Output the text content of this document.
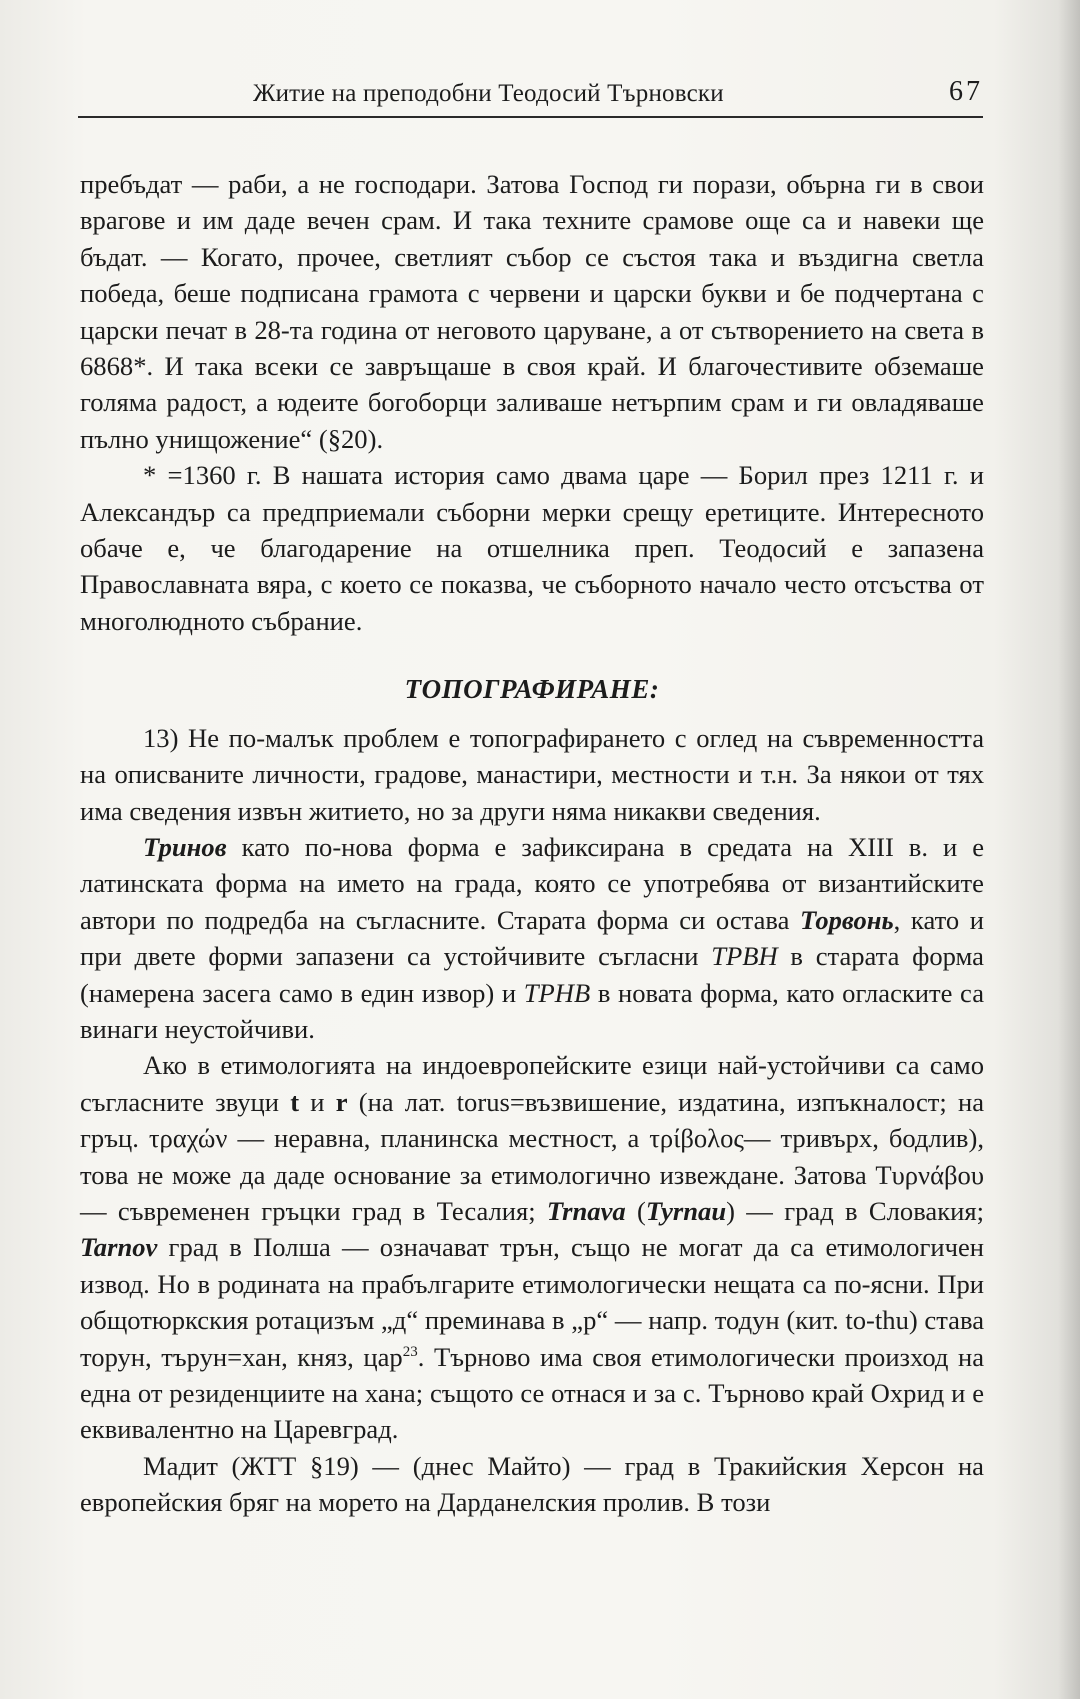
Житие на преподобни Теодосий Търновски	67

пребъдат — раби, а не господари. Затова Господ ги порази, обърна ги в свои врагове и им даде вечен срам. И така техните срамове още са и навеки ще бъдат. — Когато, прочее, светлият събор се състоя така и въздигна светла победа, беше подписана грамота с червени и царски букви и бе подчертана с царски печат в 28-та година от неговото царуване, а от сътворението на света в 6868*. И така всеки се завръщаше в своя край. И благочестивите обземаше голяма радост, а юдеите богоборци заливаше нетърпим срам и ги овладяваше пълно унищожение“ (§20).

* =1360 г. В нашата история само двама царе — Борил през 1211 г. и Александър са предприемали съборни мерки срещу еретиците. Интересното обаче е, че благодарение на отшелника преп. Теодосий е запазена Православната вяра, с което се показва, че съборното начало често отсъства от многолюдното събрание.

ТОПОГРАФИРАНЕ:

13) Не по-малък проблем е топографирането с оглед на съвременността на описваните личности, градове, манастири, местности и т.н. За някои от тях има сведения извън житието, но за други няма никакви сведения.

Тринов като по-нова форма е зафиксирана в средата на XIII в. и е латинската форма на името на града, която се употребява от византийските автори по подредба на съгласните. Старата форма си остава Торвонь, като и при двете форми запазени са устойчивите съгласни ТРВН в старата форма (намерена засега само в един извор) и ТРНВ в новата форма, като огласките са винаги неустойчиви.

Ако в етимологията на индоевропейските езици най-устойчиви са само съгласните звуци t и r (на лат. torus=възвишение, издатина, изпъкналост; на гръц. τραχών — неравна, планинска местност, а τρίβολος— тривърх, бодлив), това не може да даде основание за етимологично извеждане. Затова Τυρνάβου — съвременен гръцки град в Тесалия; Trnava (Tyrnau) — град в Словакия; Tarnov град в Полша — означават трън, също не могат да са етимологичен извод. Но в родината на прабългарите етимологически нещата са по-ясни. При общотюркския ротацизъм „д“ преминава в „р“ — напр. тодун (кит. to-thu) става торун, търун=хан, княз, цар$^{23}$. Търново има своя етимологически произход на една от резиденциите на хана; същото се отнася и за с. Търново край Охрид и е еквивалентно на Царевград.

Мадит (ЖТТ §19) — (днес Майто) — град в Тракийския Херсон на европейския бряг на морето на Дарданелския пролив. В този
